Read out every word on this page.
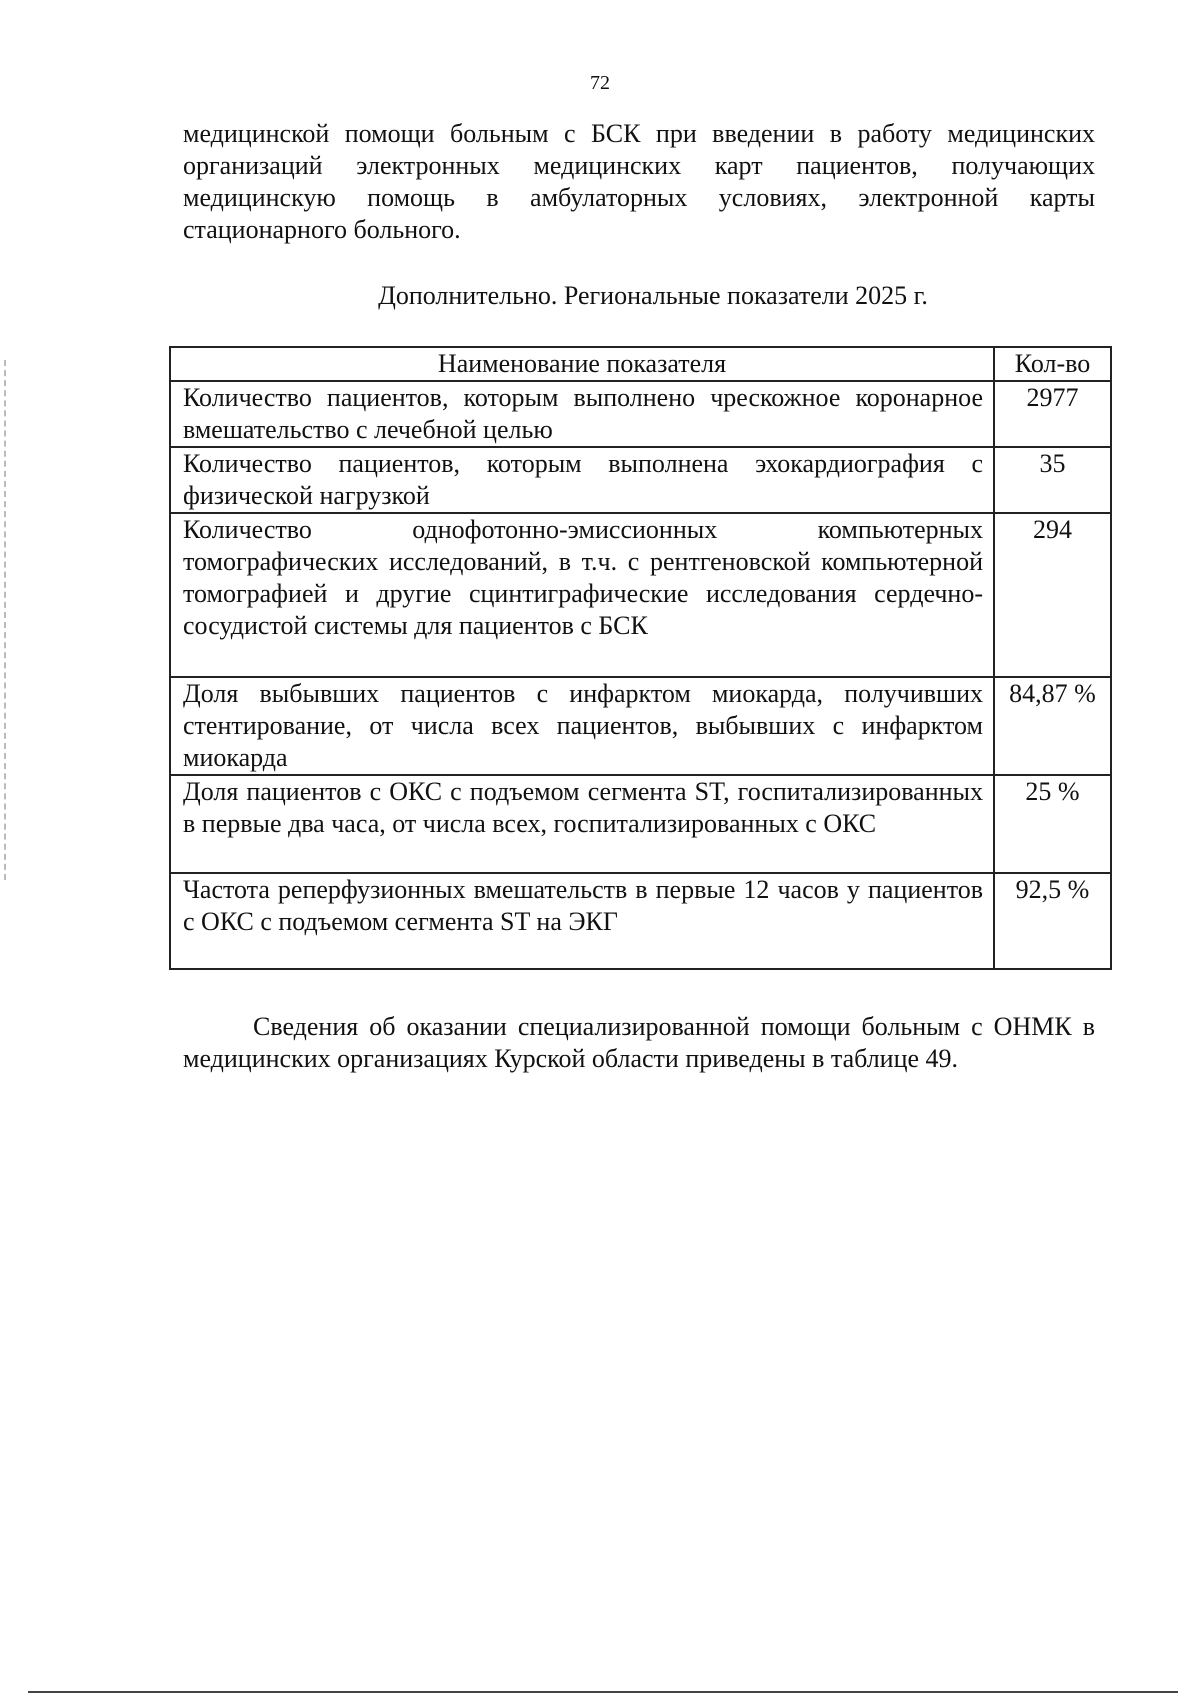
72
медицинской помощи больным с БСК при введении в работу медицинских организаций электронных медицинских карт пациентов, получающих медицинскую помощь в амбулаторных условиях, электронной карты стационарного больного.
Дополнительно. Региональные показатели 2025 г.
Наименование показателя	Кол-во
Количество пациентов, которым выполнено чрескожное коронарное вмешательство с лечебной целью	2977
Количество пациентов, которым выполнена эхокардиография с физической нагрузкой	35
Количество однофотонно-эмиссионных компьютерных томографических исследований, в т.ч. с рентгеновской компьютерной томографией и другие сцинтиграфические исследования сердечно-сосудистой системы для пациентов с БСК	294
Доля выбывших пациентов с инфарктом миокарда, получивших стентирование, от числа всех пациентов, выбывших с инфарктом миокарда	84,87 %
Доля пациентов с ОКС с подъемом сегмента ST, госпитализированных в первые два часа, от числа всех, госпитализированных с ОКС	25 %
Частота реперфузионных вмешательств в первые 12 часов у пациентов с ОКС с подъемом сегмента ST на ЭКГ	92,5 %
Сведения об оказании специализированной помощи больным с ОНМК в медицинских организациях Курской области приведены в таблице 49.
